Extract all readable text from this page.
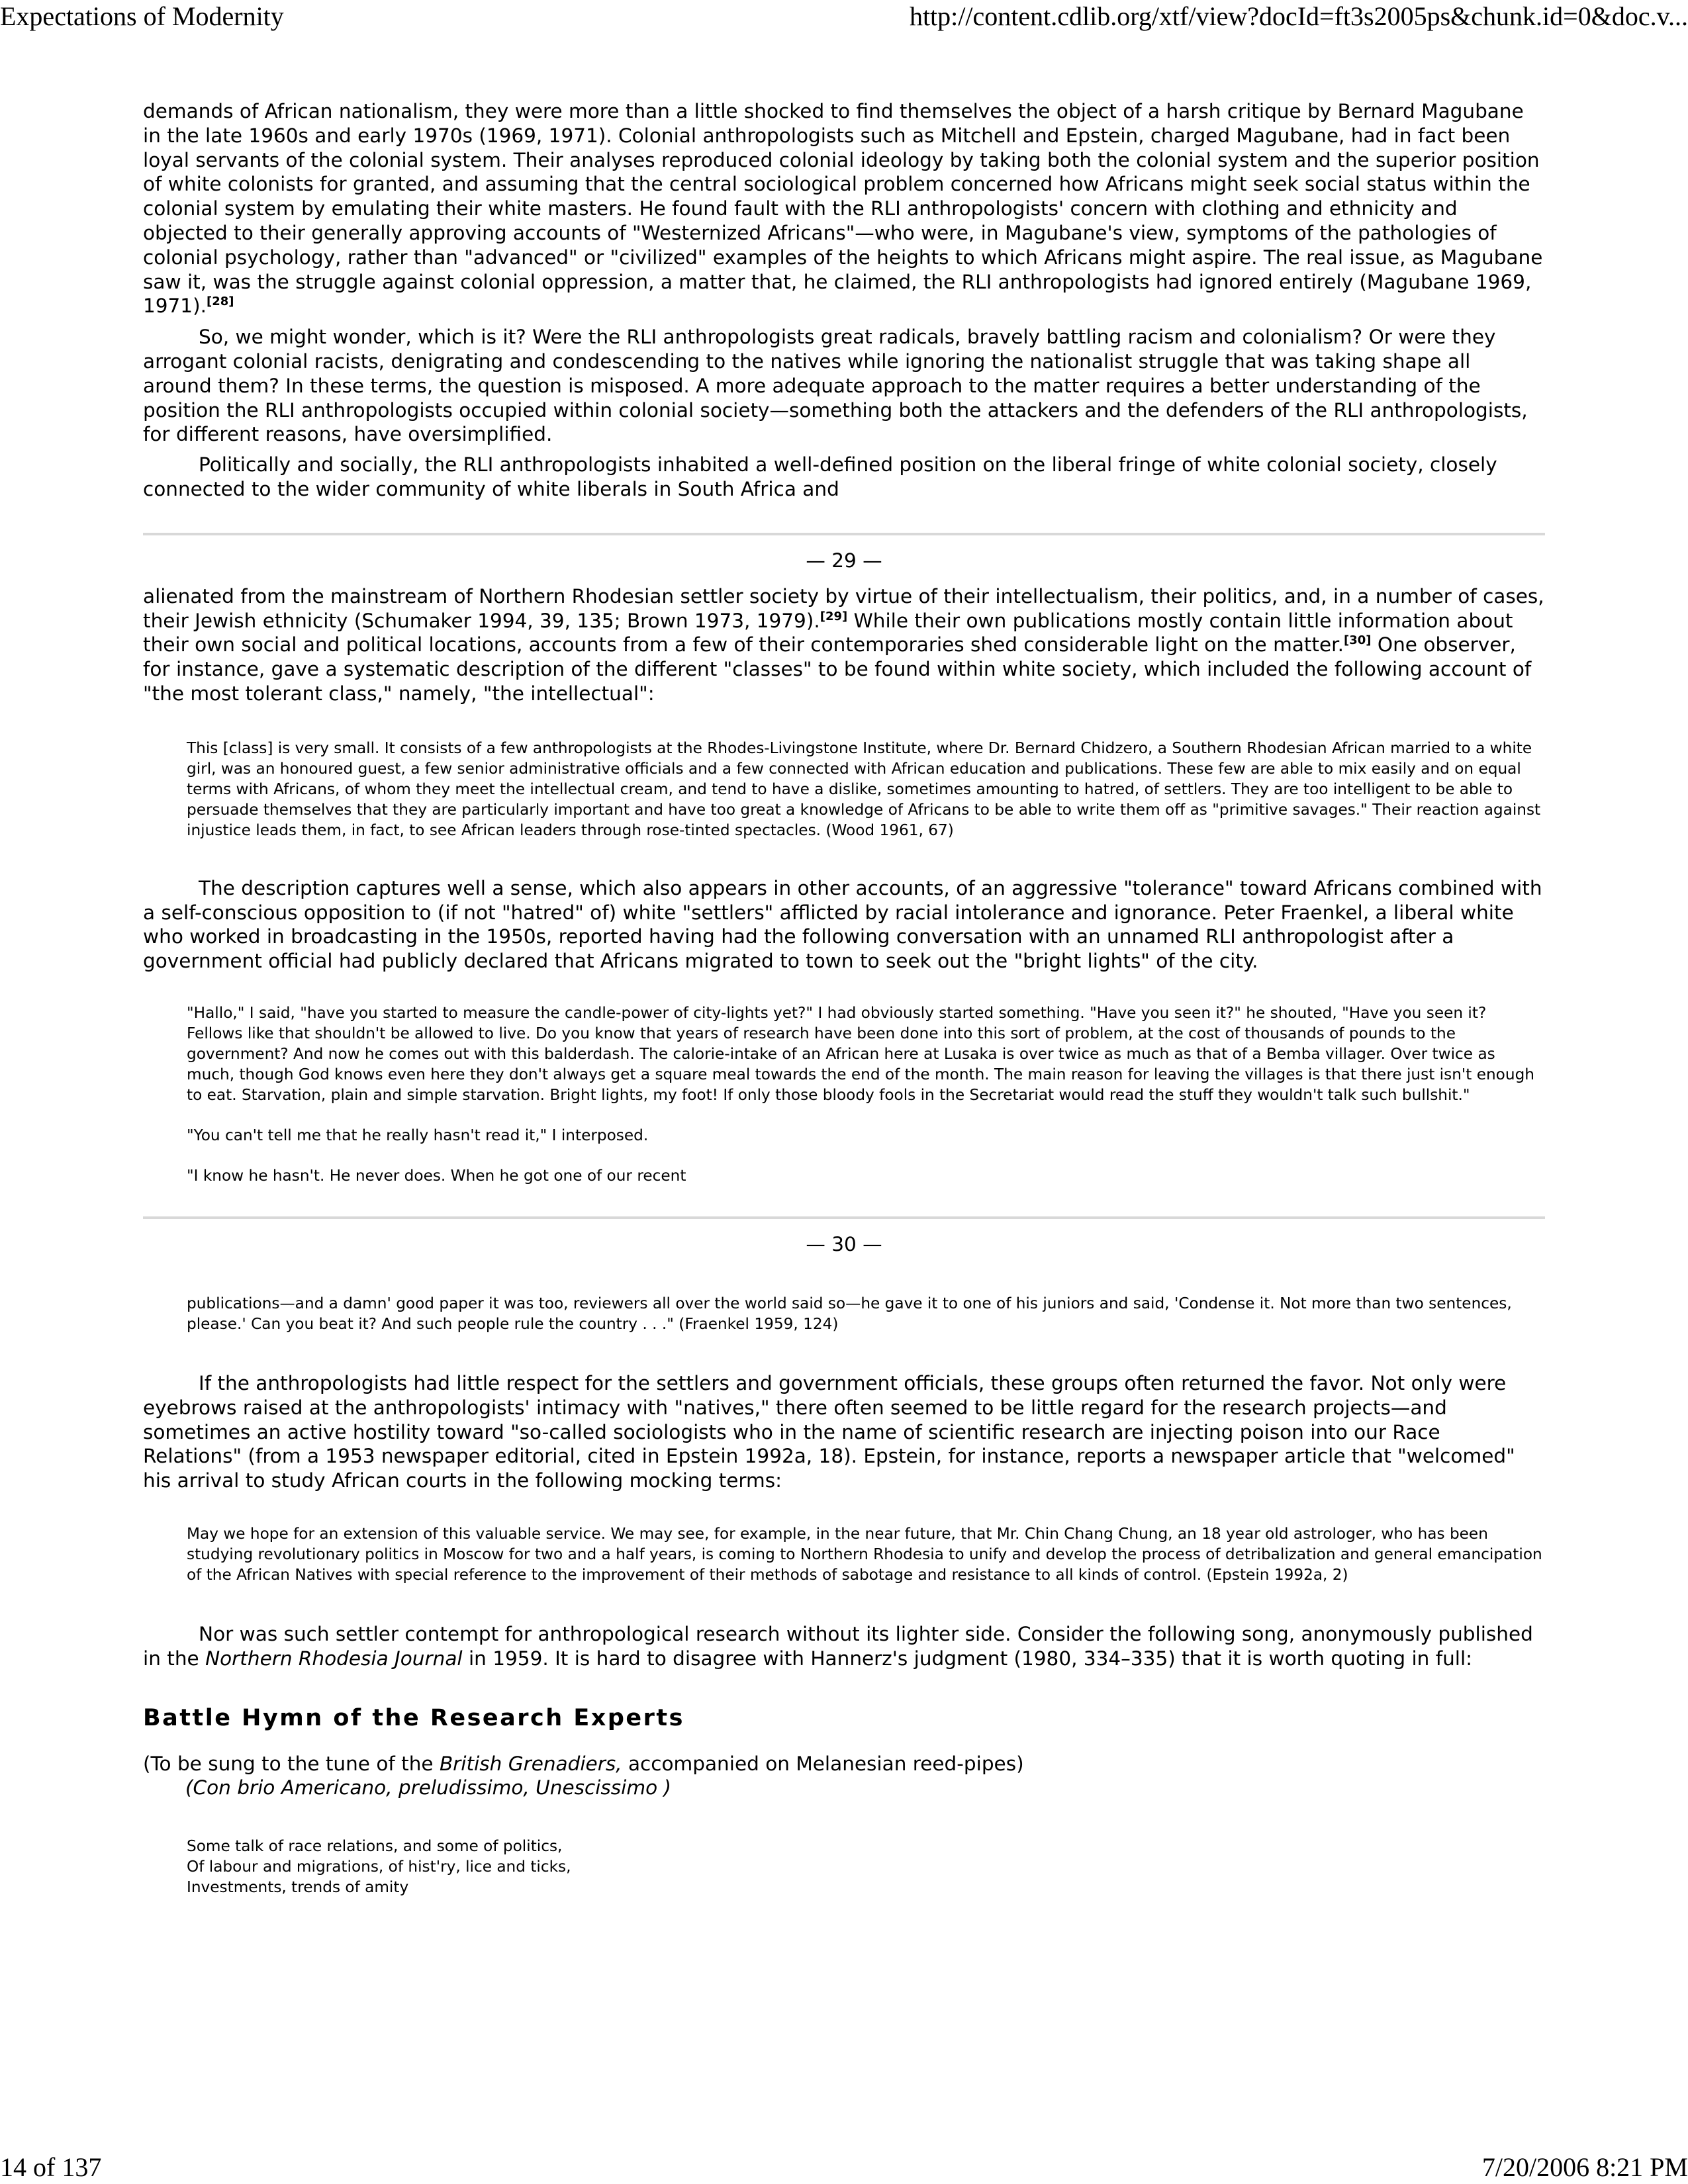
Expectations of Modernity	http://content.cdlib.org/xtf/view?docId=ft3s2005ps&chunk.id=0&doc.v...

demands of African nationalism, they were more than a little shocked to find themselves the object of a harsh critique by Bernard Magubane in the late 1960s and early 1970s (1969, 1971). Colonial anthropologists such as Mitchell and Epstein, charged Magubane, had in fact been loyal servants of the colonial system. Their analyses reproduced colonial ideology by taking both the colonial system and the superior position of white colonists for granted, and assuming that the central sociological problem concerned how Africans might seek social status within the colonial system by emulating their white masters. He found fault with the RLI anthropologists' concern with clothing and ethnicity and objected to their generally approving accounts of "Westernized Africans"—who were, in Magubane's view, symptoms of the pathologies of colonial psychology, rather than "advanced" or "civilized" examples of the heights to which Africans might aspire. The real issue, as Magubane saw it, was the struggle against colonial oppression, a matter that, he claimed, the RLI anthropologists had ignored entirely (Magubane 1969, 1971).[28]

So, we might wonder, which is it? Were the RLI anthropologists great radicals, bravely battling racism and colonialism? Or were they arrogant colonial racists, denigrating and condescending to the natives while ignoring the nationalist struggle that was taking shape all around them? In these terms, the question is misposed. A more adequate approach to the matter requires a better understanding of the position the RLI anthropologists occupied within colonial society—something both the attackers and the defenders of the RLI anthropologists, for different reasons, have oversimplified.

Politically and socially, the RLI anthropologists inhabited a well-defined position on the liberal fringe of white colonial society, closely connected to the wider community of white liberals in South Africa and

— 29 —

alienated from the mainstream of Northern Rhodesian settler society by virtue of their intellectualism, their politics, and, in a number of cases, their Jewish ethnicity (Schumaker 1994, 39, 135; Brown 1973, 1979).[29] While their own publications mostly contain little information about their own social and political locations, accounts from a few of their contemporaries shed considerable light on the matter.[30] One observer, for instance, gave a systematic description of the different "classes" to be found within white society, which included the following account of "the most tolerant class," namely, "the intellectual":

This [class] is very small. It consists of a few anthropologists at the Rhodes-Livingstone Institute, where Dr. Bernard Chidzero, a Southern Rhodesian African married to a white girl, was an honoured guest, a few senior administrative officials and a few connected with African education and publications. These few are able to mix easily and on equal terms with Africans, of whom they meet the intellectual cream, and tend to have a dislike, sometimes amounting to hatred, of settlers. They are too intelligent to be able to persuade themselves that they are particularly important and have too great a knowledge of Africans to be able to write them off as "primitive savages." Their reaction against injustice leads them, in fact, to see African leaders through rose-tinted spectacles. (Wood 1961, 67)

The description captures well a sense, which also appears in other accounts, of an aggressive "tolerance" toward Africans combined with a self-conscious opposition to (if not "hatred" of) white "settlers" afflicted by racial intolerance and ignorance. Peter Fraenkel, a liberal white who worked in broadcasting in the 1950s, reported having had the following conversation with an unnamed RLI anthropologist after a government official had publicly declared that Africans migrated to town to seek out the "bright lights" of the city.

"Hallo," I said, "have you started to measure the candle-power of city-lights yet?" I had obviously started something. "Have you seen it?" he shouted, "Have you seen it? Fellows like that shouldn't be allowed to live. Do you know that years of research have been done into this sort of problem, at the cost of thousands of pounds to the government? And now he comes out with this balderdash. The calorie-intake of an African here at Lusaka is over twice as much as that of a Bemba villager. Over twice as much, though God knows even here they don't always get a square meal towards the end of the month. The main reason for leaving the villages is that there just isn't enough to eat. Starvation, plain and simple starvation. Bright lights, my foot! If only those bloody fools in the Secretariat would read the stuff they wouldn't talk such bullshit."
"You can't tell me that he really hasn't read it," I interposed.
"I know he hasn't. He never does. When he got one of our recent
— 30 —
publications—and a damn' good paper it was too, reviewers all over the world said so—he gave it to one of his juniors and said, 'Condense it. Not more than two sentences, please.' Can you beat it? And such people rule the country . . ." (Fraenkel 1959, 124)

If the anthropologists had little respect for the settlers and government officials, these groups often returned the favor. Not only were eyebrows raised at the anthropologists' intimacy with "natives," there often seemed to be little regard for the research projects—and sometimes an active hostility toward "so-called sociologists who in the name of scientific research are injecting poison into our Race Relations" (from a 1953 newspaper editorial, cited in Epstein 1992a, 18). Epstein, for instance, reports a newspaper article that "welcomed" his arrival to study African courts in the following mocking terms:

May we hope for an extension of this valuable service. We may see, for example, in the near future, that Mr. Chin Chang Chung, an 18 year old astrologer, who has been studying revolutionary politics in Moscow for two and a half years, is coming to Northern Rhodesia to unify and develop the process of detribalization and general emancipation of the African Natives with special reference to the improvement of their methods of sabotage and resistance to all kinds of control. (Epstein 1992a, 2)

Nor was such settler contempt for anthropological research without its lighter side. Consider the following song, anonymously published in the Northern Rhodesia Journal in 1959. It is hard to disagree with Hannerz's judgment (1980, 334–335) that it is worth quoting in full:

Battle Hymn of the Research Experts

(To be sung to the tune of the British Grenadiers, accompanied on Melanesian reed-pipes)

(Con brio Americano, preludissimo, Unescissimo )

Some talk of race relations, and some of politics,
Of labour and migrations, of hist'ry, lice and ticks,
Investments, trends of amity
14 of 137	7/20/2006 8:21 PM
